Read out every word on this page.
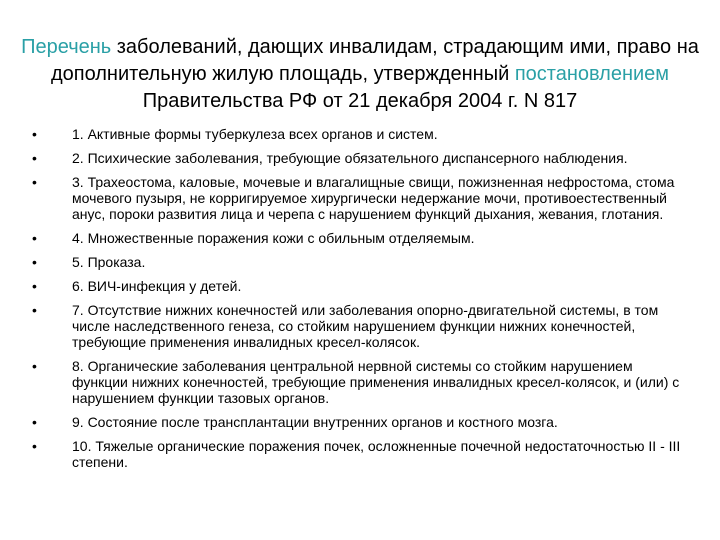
Перечень заболеваний, дающих инвалидам, страдающим ими, право на дополнительную жилую площадь, утвержденный постановлением Правительства РФ от 21 декабря 2004 г. N 817
•	1. Активные формы туберкулеза всех органов и систем.
•	2. Психические заболевания, требующие обязательного диспансерного наблюдения.
•	3. Трахеостома, каловые, мочевые и влагалищные свищи, пожизненная нефростома, стома мочевого пузыря, не корригируемое хирургически недержание мочи, противоестественный анус, пороки развития лица и черепа с нарушением функций дыхания, жевания, глотания.
•	4. Множественные поражения кожи с обильным отделяемым.
•	5. Проказа.
•	6. ВИЧ-инфекция у детей.
•	7. Отсутствие нижних конечностей или заболевания опорно-двигательной системы, в том числе наследственного генеза, со стойким нарушением функции нижних конечностей, требующие применения инвалидных кресел-колясок.
•	8. Органические заболевания центральной нервной системы со стойким нарушением функции нижних конечностей, требующие применения инвалидных кресел-колясок, и (или) с нарушением функции тазовых органов.
•	9. Состояние после трансплантации внутренних органов и костного мозга.
•	10. Тяжелые органические поражения почек, осложненные почечной недостаточностью II - III степени.
